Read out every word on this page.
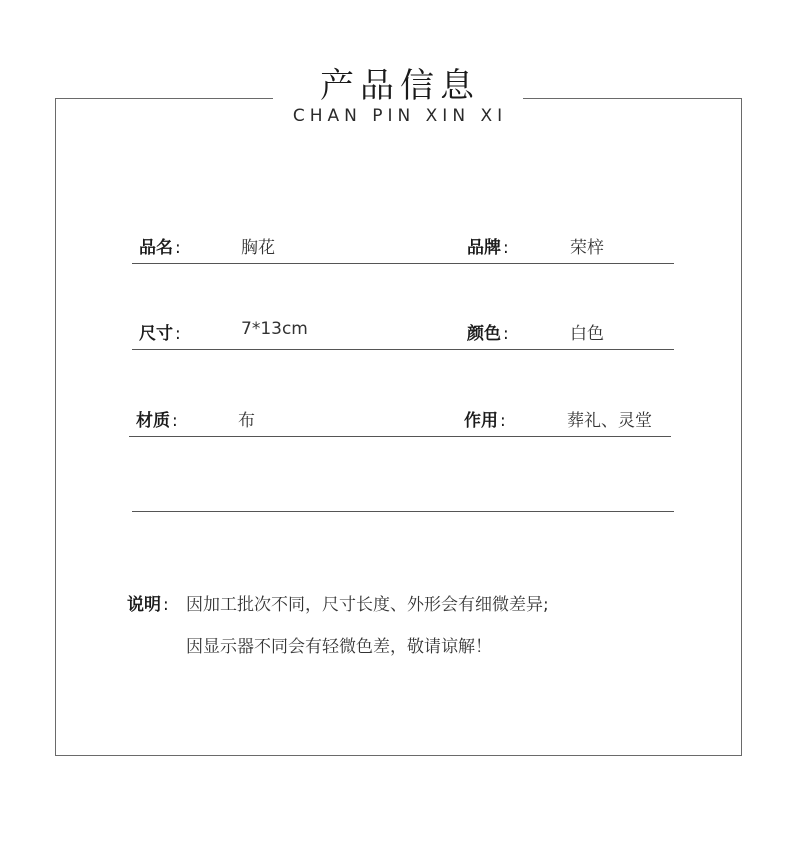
产品信息
CHAN PIN XIN XI
品名 :	胸花	品牌 :	荣梓
尺寸 :	7*13cm	颜色 :	白色
材质 :	布	作用 :	葬礼、灵堂
说明 : 因加工批次不同，尺寸长度、外形会有细微差异;
因显示器不同会有轻微色差，敬请谅解！
